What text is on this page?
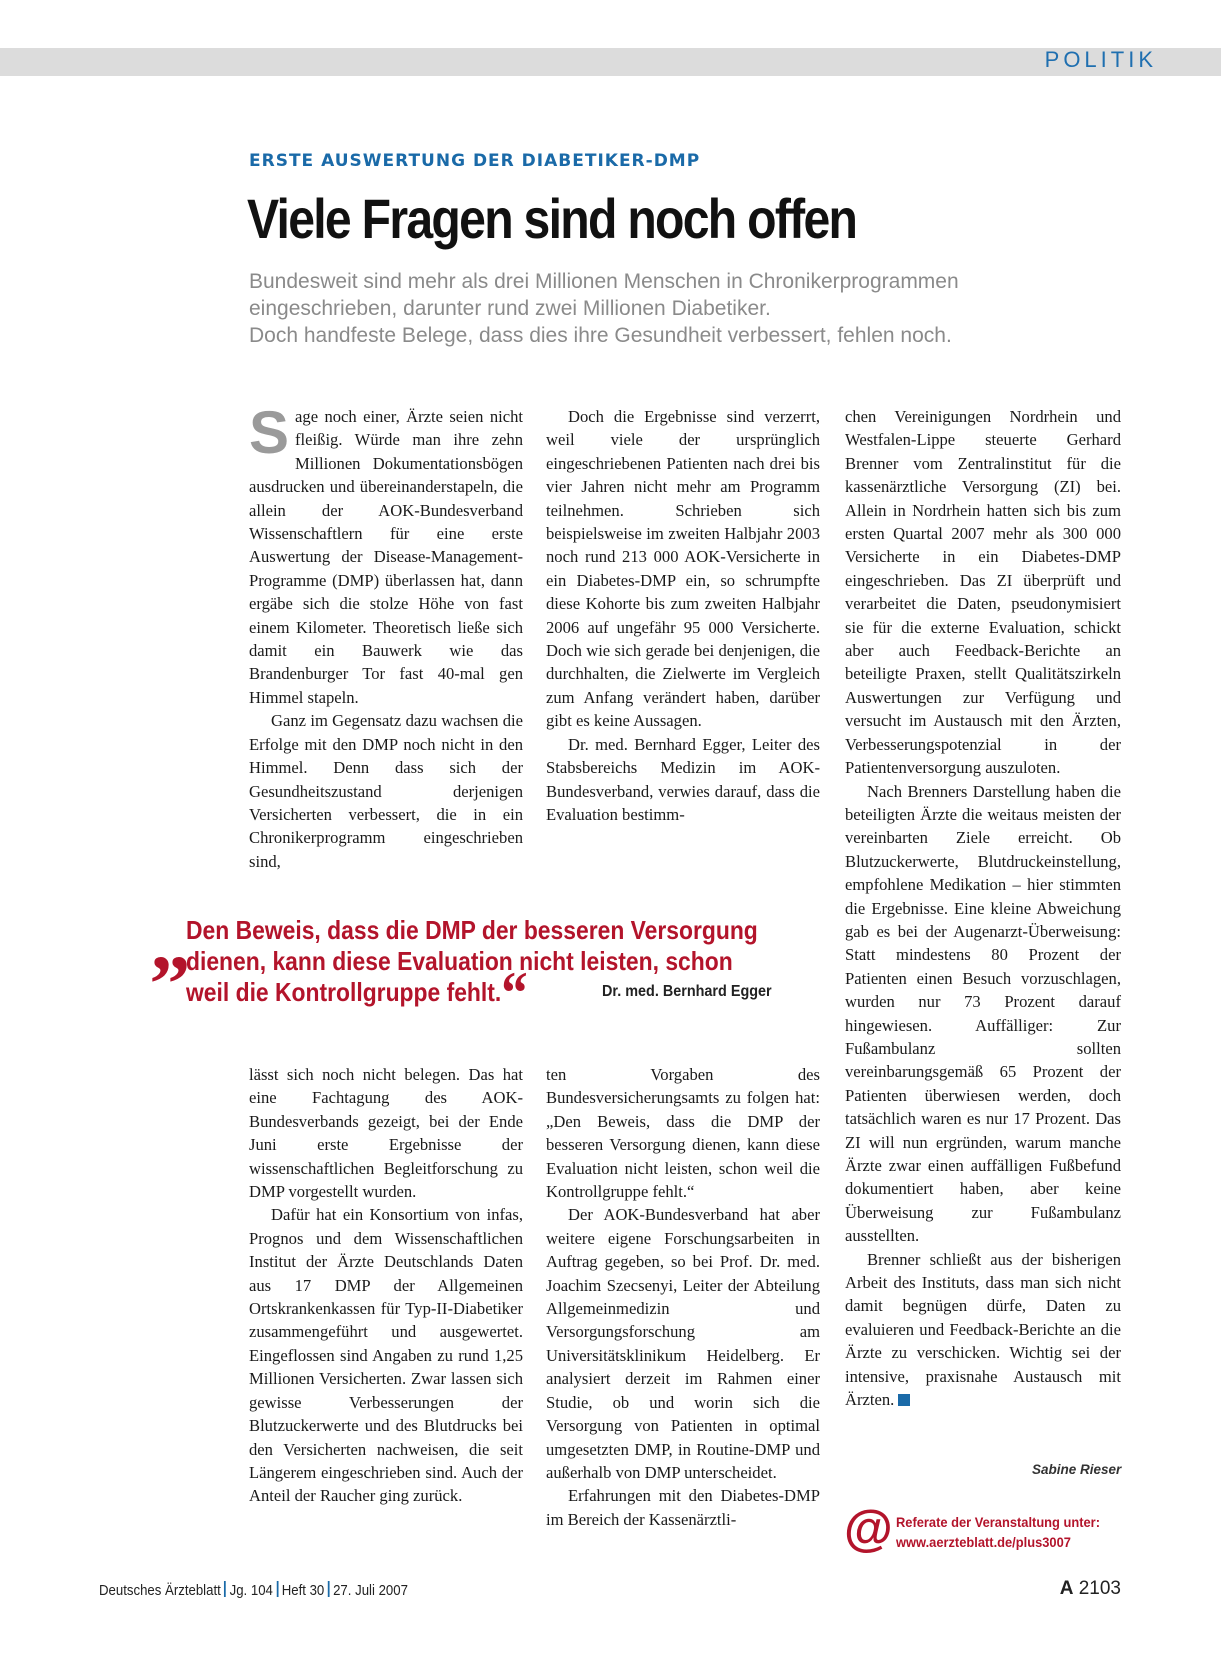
POLITIK
ERSTE AUSWERTUNG DER DIABETIKER-DMP
Viele Fragen sind noch offen
Bundesweit sind mehr als drei Millionen Menschen in Chronikerprogrammen
eingeschrieben, darunter rund zwei Millionen Diabetiker.
Doch handfeste Belege, dass dies ihre Gesundheit verbessert, fehlen noch.

Sage noch einer, Ärzte seien nicht fleißig. Würde man ihre zehn Millionen Dokumentationsbögen ausdrucken und übereinanderstapeln, die allein der AOK-Bundesverband Wissenschaftlern für eine erste Auswertung der Disease-Management-Programme (DMP) überlassen hat, dann ergäbe sich die stolze Höhe von fast einem Kilometer. Theoretisch ließe sich damit ein Bauwerk wie das Brandenburger Tor fast 40-mal gen Himmel stapeln.

Ganz im Gegensatz dazu wachsen die Erfolge mit den DMP noch nicht in den Himmel. Denn dass sich der Gesundheitszustand derjenigen Versicherten verbessert, die in ein Chronikerprogramm eingeschrieben sind,

Doch die Ergebnisse sind verzerrt, weil viele der ursprünglich eingeschriebenen Patienten nach drei bis vier Jahren nicht mehr am Programm teilnehmen. Schrieben sich beispielsweise im zweiten Halbjahr 2003 noch rund 213 000 AOK-Versicherte in ein Diabetes-DMP ein, so schrumpfte diese Kohorte bis zum zweiten Halbjahr 2006 auf ungefähr 95 000 Versicherte. Doch wie sich gerade bei denjenigen, die durchhalten, die Zielwerte im Vergleich zum Anfang verändert haben, darüber gibt es keine Aussagen.

Dr. med. Bernhard Egger, Leiter des Stabsbereichs Medizin im AOK-Bundesverband, verwies darauf, dass die Evaluation bestimm-

chen Vereinigungen Nordrhein und Westfalen-Lippe steuerte Gerhard Brenner vom Zentralinstitut für die kassenärztliche Versorgung (ZI) bei. Allein in Nordrhein hatten sich bis zum ersten Quartal 2007 mehr als 300 000 Versicherte in ein Diabetes-DMP eingeschrieben. Das ZI überprüft und verarbeitet die Daten, pseudonymisiert sie für die externe Evaluation, schickt aber auch Feedback-Berichte an beteiligte Praxen, stellt Qualitätszirkeln Auswertungen zur Verfügung und versucht im Austausch mit den Ärzten, Verbesserungspotenzial in der Patientenversorgung auszuloten.

Nach Brenners Darstellung haben die beteiligten Ärzte die weitaus meisten der vereinbarten Ziele erreicht. Ob Blutzuckerwerte, Blutdruckeinstellung, empfohlene Medikation – hier stimmten die Ergebnisse. Eine kleine Abweichung gab es bei der Augenarzt-Überweisung: Statt mindestens 80 Prozent der Patienten einen Besuch vorzuschlagen, wurden nur 73 Prozent darauf hingewiesen. Auffälliger: Zur Fußambulanz sollten vereinbarungsgemäß 65 Prozent der Patienten überwiesen werden, doch tatsächlich waren es nur 17 Prozent. Das ZI will nun ergründen, warum manche Ärzte zwar einen auffälligen Fußbefund dokumentiert haben, aber keine Überweisung zur Fußambulanz ausstellten.

Brenner schließt aus der bisherigen Arbeit des Instituts, dass man sich nicht damit begnügen dürfe, Daten zu evaluieren und Feedback-Berichte an die Ärzte zu verschicken. Wichtig sei der intensive, praxisnahe Austausch mit Ärzten.

„
Den Beweis, dass die DMP der besseren Versorgung
dienen, kann diese Evaluation nicht leisten, schon
weil die Kontrollgruppe fehlt.“	Dr. med. Bernhard Egger

lässt sich noch nicht belegen. Das hat eine Fachtagung des AOK-Bundesverbands gezeigt, bei der Ende Juni erste Ergebnisse der wissenschaftlichen Begleitforschung zu DMP vorgestellt wurden.

Dafür hat ein Konsortium von infas, Prognos und dem Wissenschaftlichen Institut der Ärzte Deutschlands Daten aus 17 DMP der Allgemeinen Ortskrankenkassen für Typ-II-Diabetiker zusammengeführt und ausgewertet. Eingeflossen sind Angaben zu rund 1,25 Millionen Versicherten. Zwar lassen sich gewisse Verbesserungen der Blutzuckerwerte und des Blutdrucks bei den Versicherten nachweisen, die seit Längerem eingeschrieben sind. Auch der Anteil der Raucher ging zurück.

ten Vorgaben des Bundesversicherungsamts zu folgen hat: „Den Beweis, dass die DMP der besseren Versorgung dienen, kann diese Evaluation nicht leisten, schon weil die Kontrollgruppe fehlt.“

Der AOK-Bundesverband hat aber weitere eigene Forschungsarbeiten in Auftrag gegeben, so bei Prof. Dr. med. Joachim Szecsenyi, Leiter der Abteilung Allgemeinmedizin und Versorgungsforschung am Universitätsklinikum Heidelberg. Er analysiert derzeit im Rahmen einer Studie, ob und worin sich die Versorgung von Patienten in optimal umgesetzten DMP, in Routine-DMP und außerhalb von DMP unterscheidet.

Erfahrungen mit den Diabetes-DMP im Bereich der Kassenärztli-

Sabine Rieser
@ Referate der Veranstaltung unter:
www.aerzteblatt.de/plus3007
Deutsches Ärzteblatt Jg. 104 Heft 30 27. Juli 2007	A 2103
